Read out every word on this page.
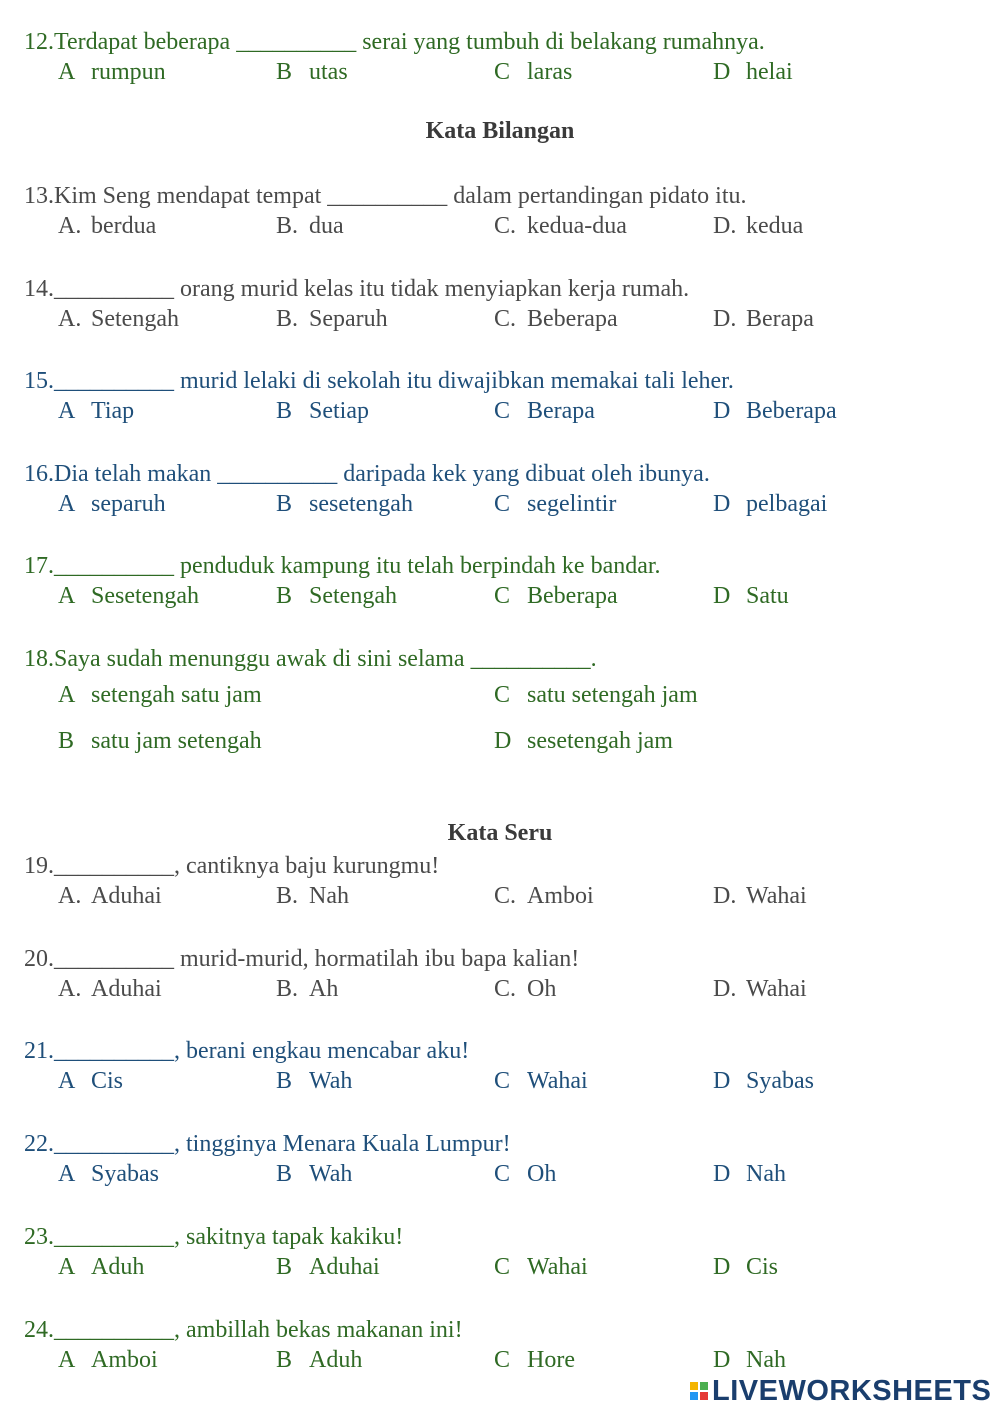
12.Terdapat beberapa __________ serai yang tumbuh di belakang rumahnya.
A rumpun	B utas	C laras	D helai
Kata Bilangan
13.Kim Seng mendapat tempat __________ dalam pertandingan pidato itu.
A. berdua	B. dua	C. kedua-dua	D. kedua
14.__________ orang murid kelas itu tidak menyiapkan kerja rumah.
A. Setengah	B. Separuh	C. Beberapa	D. Berapa
15.__________ murid lelaki di sekolah itu diwajibkan memakai tali leher.
A Tiap	B Setiap	C Berapa	D Beberapa
16.Dia telah makan __________ daripada kek yang dibuat oleh ibunya.
A separuh	B sesetengah	C segelintir	D pelbagai
17.__________ penduduk kampung itu telah berpindah ke bandar.
A Sesetengah	B Setengah	C Beberapa	D Satu
18.Saya sudah menunggu awak di sini selama __________.
A setengah satu jam
B satu jam setengah
C satu setengah jam
D sesetengah jam
Kata Seru
19.__________, cantiknya baju kurungmu!
A. Aduhai	B. Nah	C. Amboi	D. Wahai
20.__________ murid-murid, hormatilah ibu bapa kalian!
A. Aduhai	B. Ah	C. Oh	D. Wahai
21.__________, berani engkau mencabar aku!
A Cis	B Wah	C Wahai	D Syabas
22.__________, tingginya Menara Kuala Lumpur!
A Syabas	B Wah	C Oh	D Nah
23.__________, sakitnya tapak kakiku!
A Aduh	B Aduhai	C Wahai	D Cis
24.__________, ambillah bekas makanan ini!
A Amboi	B Aduh	C Hore	D Nah
LIVEWORKSHEETS
